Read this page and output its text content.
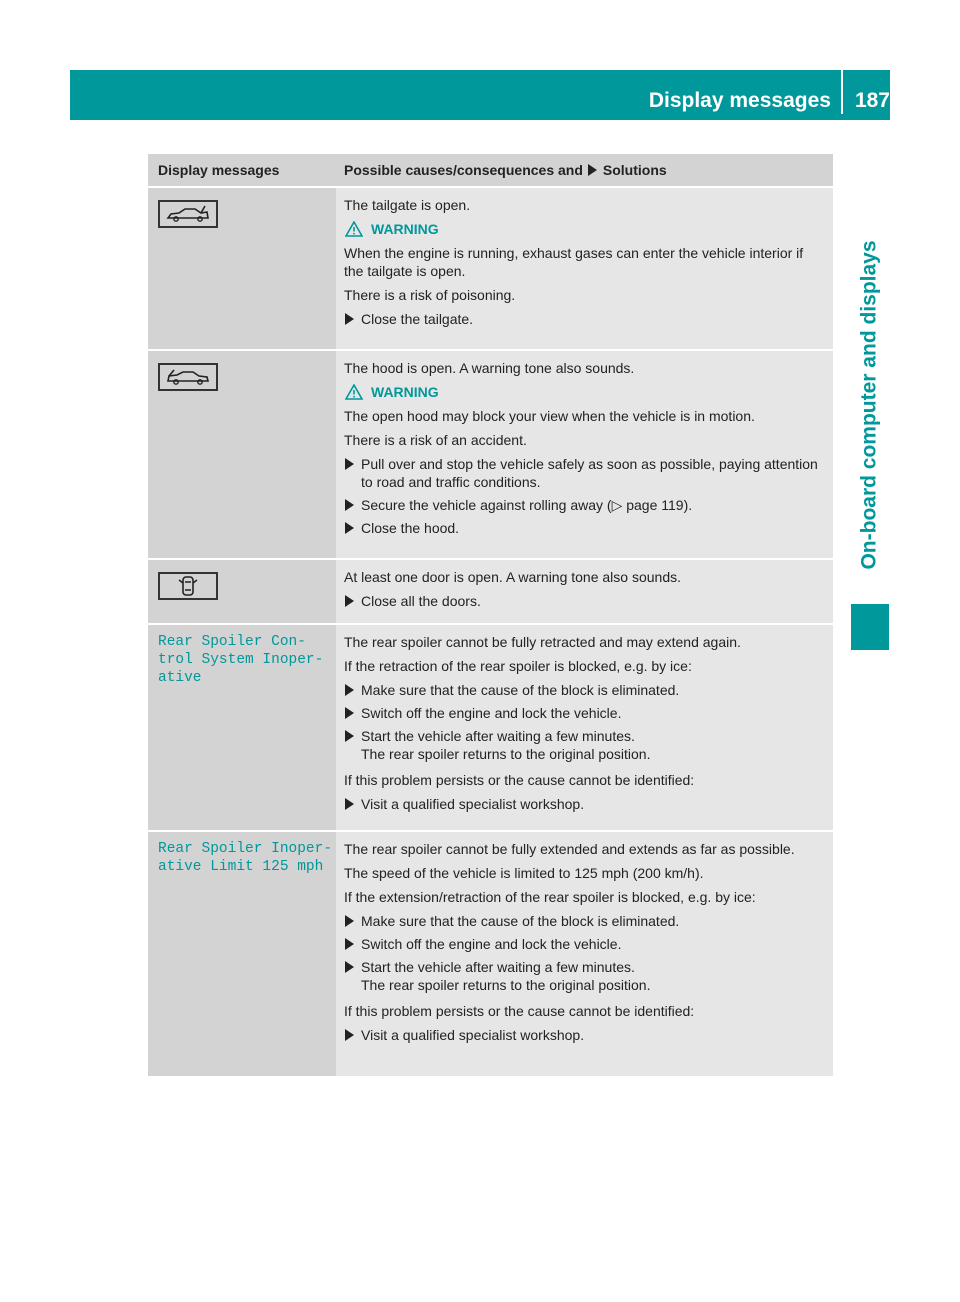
Display messages 187
On-board computer and displays
Display messages	Possible causes/consequences and Solutions

The tailgate is open.

WARNING

When the engine is running, exhaust gases can enter the vehicle interior if the tailgate is open.

There is a risk of poisoning.

Close the tailgate.

The hood is open. A warning tone also sounds.

WARNING

The open hood may block your view when the vehicle is in motion.

There is a risk of an accident.

Pull over and stop the vehicle safely as soon as possible, paying attention to road and traffic conditions.
Secure the vehicle against rolling away (▷ page 119).
Close the hood.

At least one door is open. A warning tone also sounds.

Close all the doors.
Rear Spoiler Con‑
trol System Inoper‑
ative

The rear spoiler cannot be fully retracted and may extend again.

If the retraction of the rear spoiler is blocked, e.g. by ice:

Make sure that the cause of the block is eliminated.
Switch off the engine and lock the vehicle.
Start the vehicle after waiting a few minutes.

The rear spoiler returns to the original position.

If this problem persists or the cause cannot be identified:

Visit a qualified specialist workshop.
Rear Spoiler Inoper‑
ative Limit 125 mph

The rear spoiler cannot be fully extended and extends as far as possible.

The speed of the vehicle is limited to 125 mph (200 km/h).

If the extension/retraction of the rear spoiler is blocked, e.g. by ice:

Make sure that the cause of the block is eliminated.
Switch off the engine and lock the vehicle.
Start the vehicle after waiting a few minutes.

The rear spoiler returns to the original position.

If this problem persists or the cause cannot be identified:

Visit a qualified specialist workshop.
